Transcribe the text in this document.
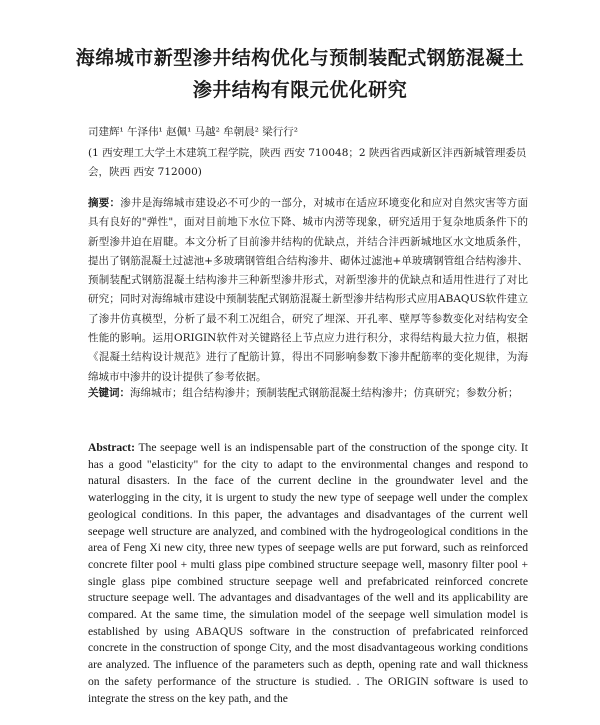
海绵城市新型渗井结构优化与预制装配式钢筋混凝土
渗井结构有限元优化研究
司建辉¹ 午泽伟¹ 赵佩¹ 马越² 牟朝晨² 梁行行²
(1 西安理工大学土木建筑工程学院，陕西 西安 710048；2 陕西省西咸新区沣西新城管理委员会，陕西 西安 712000)
摘要：渗井是海绵城市建设必不可少的一部分，对城市在适应环境变化和应对自然灾害等方面具有良好的"弹性"，面对目前地下水位下降、城市内涝等现象，研究适用于复杂地质条件下的新型渗井迫在眉睫。本文分析了目前渗井结构的优缺点，并结合沣西新城地区水文地质条件，提出了钢筋混凝土过滤池+多玻璃钢管组合结构渗井、砌体过滤池+单玻璃钢管组合结构渗井、预制装配式钢筋混凝土结构渗井三种新型渗井形式，对新型渗井的优缺点和适用性进行了对比研究；同时对海绵城市建设中预制装配式钢筋混凝土新型渗井结构形式应用ABAQUS软件建立了渗井仿真模型，分析了最不利工况组合，研究了埋深、开孔率、壁厚等参数变化对结构安全性能的影响。运用ORIGIN软件对关键路径上节点应力进行积分，求得结构最大拉力值，根据《混凝土结构设计规范》进行了配筋计算，得出不同影响参数下渗井配筋率的变化规律，为海绵城市中渗井的设计提供了参考依据。
关键词：海绵城市；组合结构渗井；预制装配式钢筋混凝土结构渗井；仿真研究；参数分析；
Abstract: The seepage well is an indispensable part of the construction of the sponge city. It has a good "elasticity" for the city to adapt to the environmental changes and respond to natural disasters. In the face of the current decline in the groundwater level and the waterlogging in the city, it is urgent to study the new type of seepage well under the complex geological conditions. In this paper, the advantages and disadvantages of the current well seepage well structure are analyzed, and combined with the hydrogeological conditions in the area of Feng Xi new city, three new types of seepage wells are put forward, such as reinforced concrete filter pool + multi glass pipe combined structure seepage well, masonry filter pool + single glass pipe combined structure seepage well and prefabricated reinforced concrete structure seepage well. The advantages and disadvantages of the well and its applicability are compared. At the same time, the simulation model of the seepage well simulation model is established by using ABAQUS software in the construction of prefabricated reinforced concrete in the construction of sponge City, and the most disadvantageous working conditions are analyzed. The influence of the parameters such as depth, opening rate and wall thickness on the safety performance of the structure is studied. . The ORIGIN software is used to integrate the stress on the key path, and the
